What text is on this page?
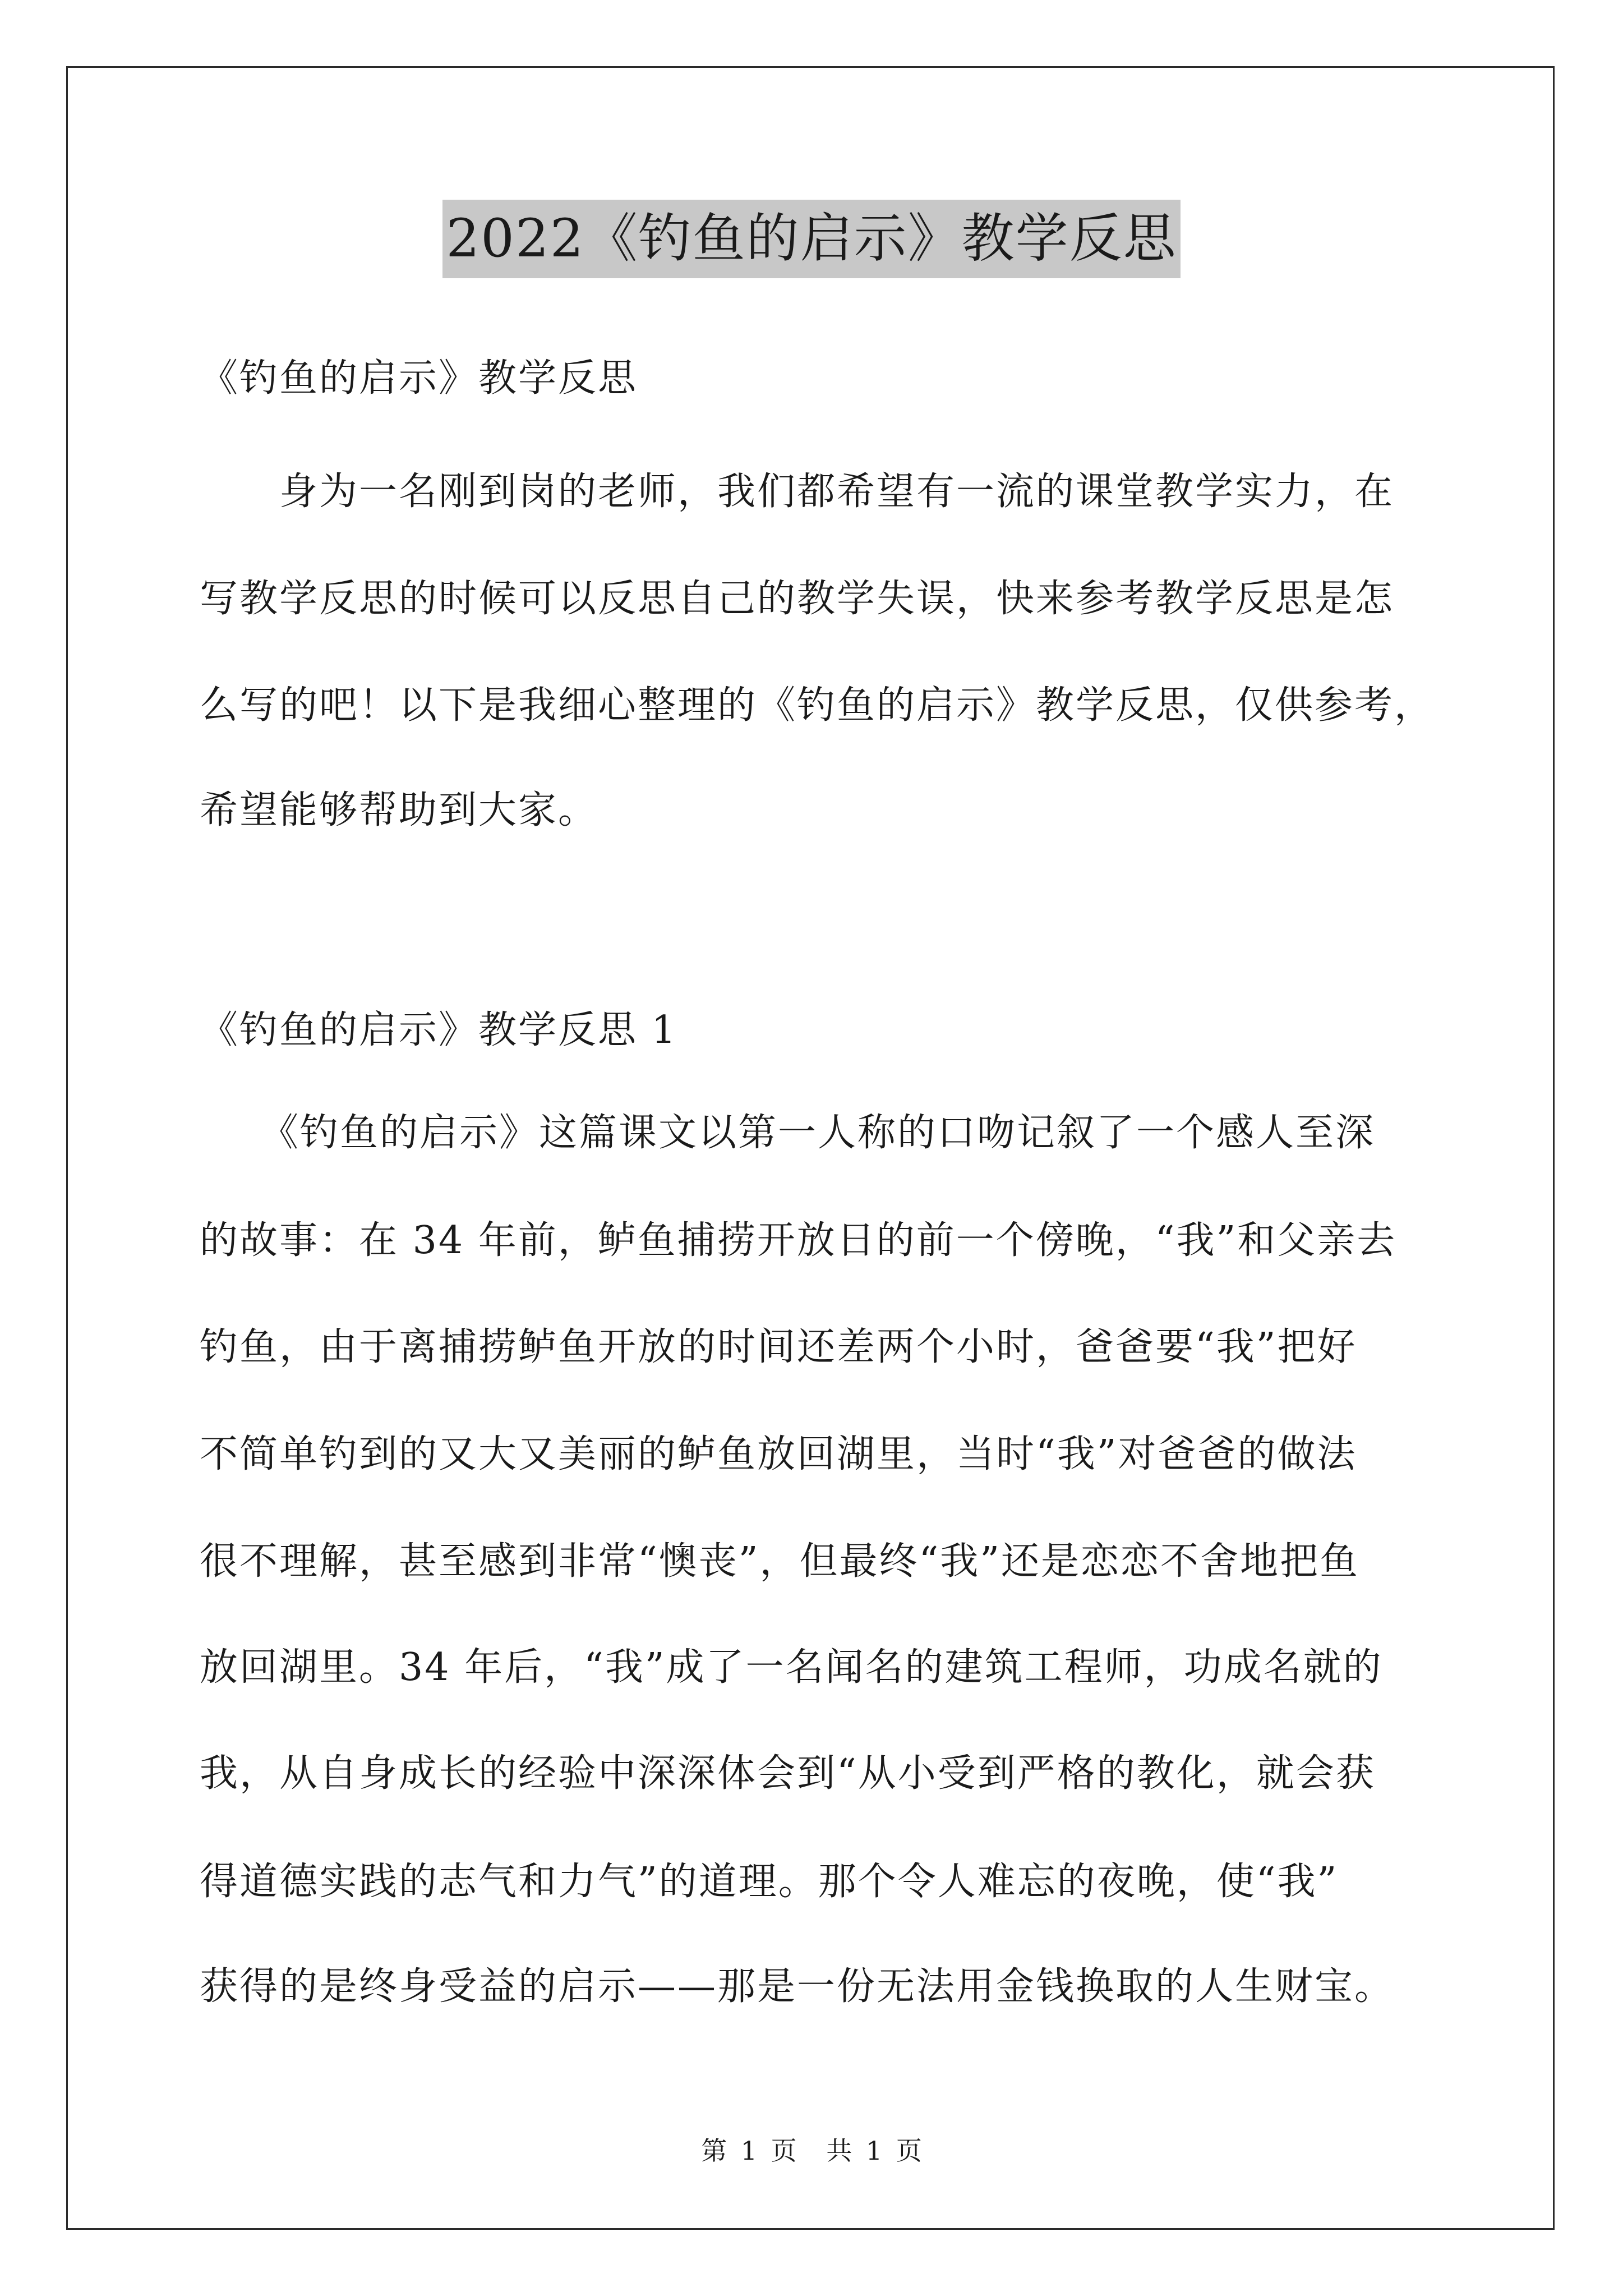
2022《钓鱼的启示》教学反思
《钓鱼的启示》教学反思
　　身为一名刚到岗的老师，我们都希望有一流的课堂教学实力，在
写教学反思的时候可以反思自己的教学失误，快来参考教学反思是怎
么写的吧！以下是我细心整理的《钓鱼的启示》教学反思，仅供参考，
希望能够帮助到大家。
《钓鱼的启示》教学反思 1
　　《钓鱼的启示》这篇课文以第一人称的口吻记叙了一个感人至深
的故事：在 34 年前，鲈鱼捕捞开放日的前一个傍晚，“我”和父亲去
钓鱼，由于离捕捞鲈鱼开放的时间还差两个小时，爸爸要“我”把好
不简单钓到的又大又美丽的鲈鱼放回湖里，当时“我”对爸爸的做法
很不理解，甚至感到非常“懊丧”，但最终“我”还是恋恋不舍地把鱼
放回湖里。34 年后，“我”成了一名闻名的建筑工程师，功成名就的
我，从自身成长的经验中深深体会到“从小受到严格的教化，就会获
得道德实践的志气和力气”的道理。那个令人难忘的夜晚，使“我”
获得的是终身受益的启示——那是一份无法用金钱换取的人生财宝。
第 1 页 共 1 页
